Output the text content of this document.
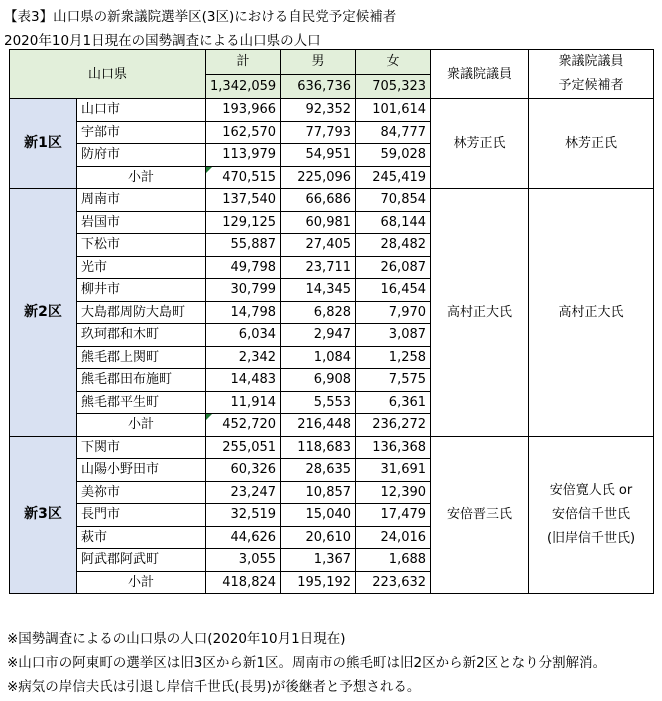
【表3】山口県の新衆議院選挙区(3区)における自民党予定候補者
2020年10月1日現在の国勢調査による山口県の人口
山口県		計	男	女	衆議院議員	衆議院議員
予定候補者
		1,342,059	636,736	705,323		
新1区	山口市	193,966	92,352	101,614	林芳正氏	林芳正氏
	宇部市	162,570	77,793	84,777		
	防府市	113,979	54,951	59,028		
	小計	470,515	225,096	245,419		
新2区	周南市	137,540	66,686	70,854	高村正大氏	高村正大氏
	岩国市	129,125	60,981	68,144		
	下松市	55,887	27,405	28,482		
	光市	49,798	23,711	26,087		
	柳井市	30,799	14,345	16,454		
	大島郡周防大島町	14,798	6,828	7,970		
	玖珂郡和木町	6,034	2,947	3,087		
	熊毛郡上関町	2,342	1,084	1,258		
	熊毛郡田布施町	14,483	6,908	7,575		
	熊毛郡平生町	11,914	5,553	6,361		
	小計	452,720	216,448	236,272		
新3区	下関市	255,051	118,683	136,368	安倍晋三氏	安倍寛人氏 or
安倍信千世氏
(旧岸信千世氏)
	山陽小野田市	60,326	28,635	31,691		
	美祢市	23,247	10,857	12,390		
	長門市	32,519	15,040	17,479		
	萩市	44,626	20,610	24,016		
	阿武郡阿武町	3,055	1,367	1,688		
	小計	418,824	195,192	223,632		
※国勢調査によるの山口県の人口(2020年10月1日現在)
※山口市の阿東町の選挙区は旧3区から新1区。周南市の熊毛町は旧2区から新2区となり分割解消。
※病気の岸信夫氏は引退し岸信千世氏(長男)が後継者と予想される。
